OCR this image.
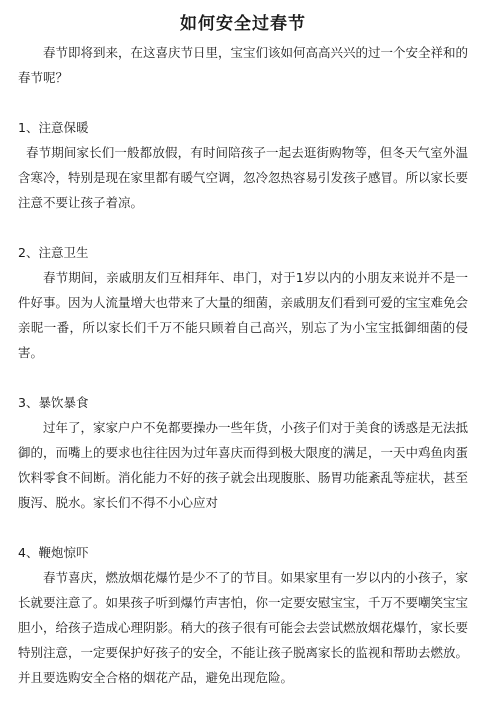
如何安全过春节

春节即将到来，在这喜庆节日里，宝宝们该如何高高兴兴的过一个安全祥和的春节呢？

1、注意保暖

春节期间家长们一般都放假，有时间陪孩子一起去逛街购物等，但冬天气室外温含寒冷，特别是现在家里都有暖气空调，忽冷忽热容易引发孩子感冒。所以家长要注意不要让孩子着凉。

2、注意卫生

春节期间，亲戚朋友们互相拜年、串门，对于1岁以内的小朋友来说并不是一件好事。因为人流量增大也带来了大量的细菌，亲戚朋友们看到可爱的宝宝难免会亲昵一番，所以家长们千万不能只顾着自己高兴，别忘了为小宝宝抵御细菌的侵害。

3、暴饮暴食

过年了，家家户户不免都要操办一些年货，小孩子们对于美食的诱惑是无法抵御的，而嘴上的要求也往往因为过年喜庆而得到极大限度的满足，一天中鸡鱼肉蛋饮料零食不间断。消化能力不好的孩子就会出现腹胀、肠胃功能紊乱等症状，甚至腹泻、脱水。家长们不得不小心应对

4、鞭炮惊吓

春节喜庆，燃放烟花爆竹是少不了的节目。如果家里有一岁以内的小孩子，家长就要注意了。如果孩子听到爆竹声害怕，你一定要安慰宝宝，千万不要嘲笑宝宝胆小，给孩子造成心理阴影。稍大的孩子很有可能会去尝试燃放烟花爆竹，家长要特别注意，一定要保护好孩子的安全，不能让孩子脱离家长的监视和帮助去燃放。并且要选购安全合格的烟花产品，避免出现危险。
